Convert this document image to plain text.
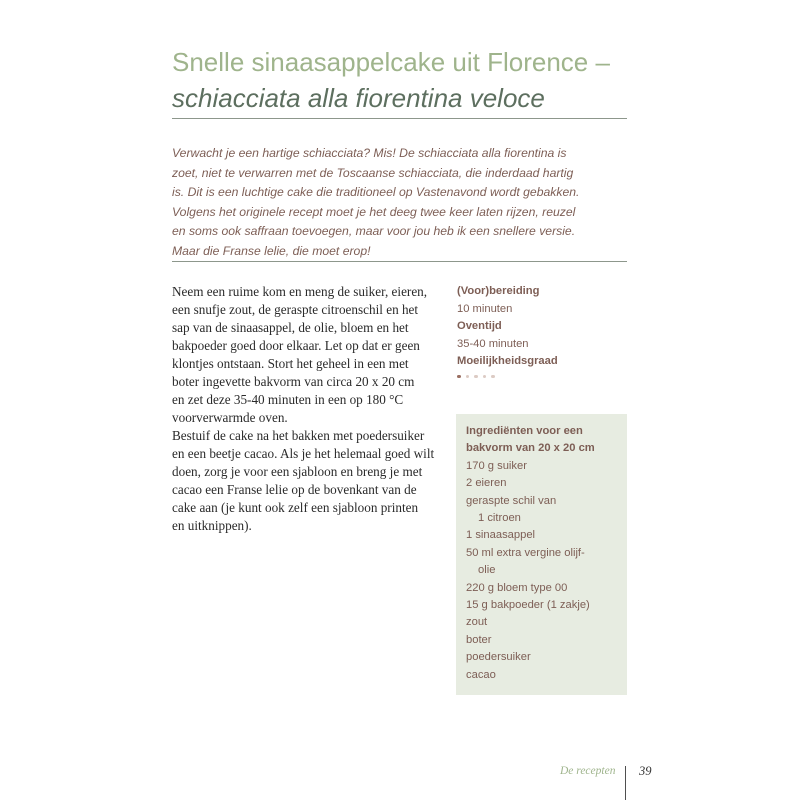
Snelle sinaasappelcake uit Florence –
schiacciata alla fiorentina veloce

Verwacht je een hartige schiacciata? Mis! De schiacciata alla fiorentina is
zoet, niet te verwarren met de Toscaanse schiacciata, die inderdaad hartig
is. Dit is een luchtige cake die traditioneel op Vastenavond wordt gebakken.
Volgens het originele recept moet je het deeg twee keer laten rijzen, reuzel
en soms ook saffraan toevoegen, maar voor jou heb ik een snellere versie.
Maar die Franse lelie, die moet erop!

Neem een ruime kom en meng de suiker, eieren,
een snufje zout, de geraspte citroenschil en het
sap van de sinaasappel, de olie, bloem en het
bakpoeder goed door elkaar. Let op dat er geen
klontjes ontstaan. Stort het geheel in een met
boter ingevette bakvorm van circa 20 x 20 cm
en zet deze 35-40 minuten in een op 180 °C
voorverwarmde oven.
Bestuif de cake na het bakken met poedersuiker
en een beetje cacao. Als je het helemaal goed wilt
doen, zorg je voor een sjabloon en breng je met
cacao een Franse lelie op de bovenkant van de
cake aan (je kunt ook zelf een sjabloon printen
en uitknippen).

(Voor)bereiding
10 minuten
Oventijd
35-40 minuten
Moeilijkheidsgraad
Ingrediënten voor een
bakvorm van 20 x 20 cm
170 g suiker
2 eieren
geraspte schil van
1 citroen
1 sinaasappel
50 ml extra vergine olijf-
olie
220 g bloem type 00
15 g bakpoeder (1 zakje)
zout
boter
poedersuiker
cacao
De recepten 39
